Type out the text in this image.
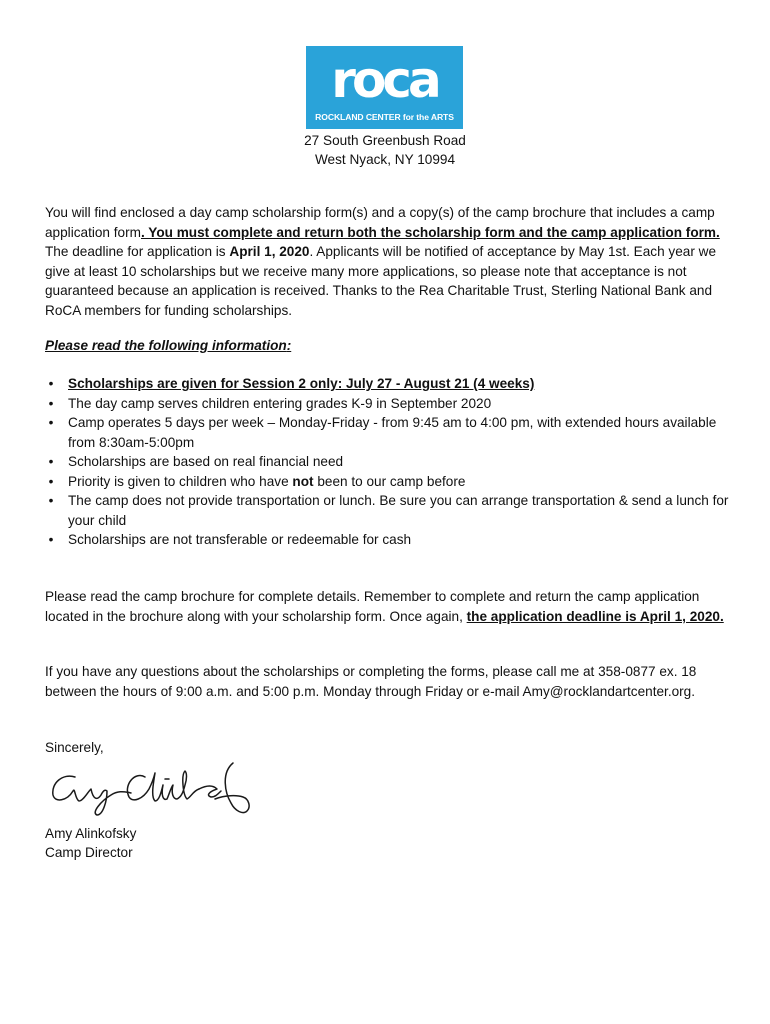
roca
ROCKLAND CENTER for the ARTS
27 South Greenbush Road
West Nyack, NY 10994
You will find enclosed a day camp scholarship form(s) and a copy(s) of the camp brochure that includes a camp application form. You must complete and return both the scholarship form and the camp application form. The deadline for application is April 1, 2020. Applicants will be notified of acceptance by May 1st. Each year we give at least 10 scholarships but we receive many more applications, so please note that acceptance is not guaranteed because an application is received. Thanks to the Rea Charitable Trust, Sterling National Bank and RoCA members for funding scholarships.
Please read the following information:
• Scholarships are given for Session 2 only: July 27 - August 21 (4 weeks)
• The day camp serves children entering grades K-9 in September 2020
• Camp operates 5 days per week – Monday-Friday - from 9:45 am to 4:00 pm, with extended hours available from 8:30am-5:00pm
• Scholarships are based on real financial need
• Priority is given to children who have not been to our camp before
• The camp does not provide transportation or lunch. Be sure you can arrange transportation & send a lunch for your child
• Scholarships are not transferable or redeemable for cash
Please read the camp brochure for complete details. Remember to complete and return the camp application located in the brochure along with your scholarship form. Once again, the application deadline is April 1, 2020.
If you have any questions about the scholarships or completing the forms, please call me at 358-0877 ex. 18 between the hours of 9:00 a.m. and 5:00 p.m. Monday through Friday or e-mail Amy@rocklandartcenter.org.
Sincerely,
Amy Alinkofsky
Camp Director
